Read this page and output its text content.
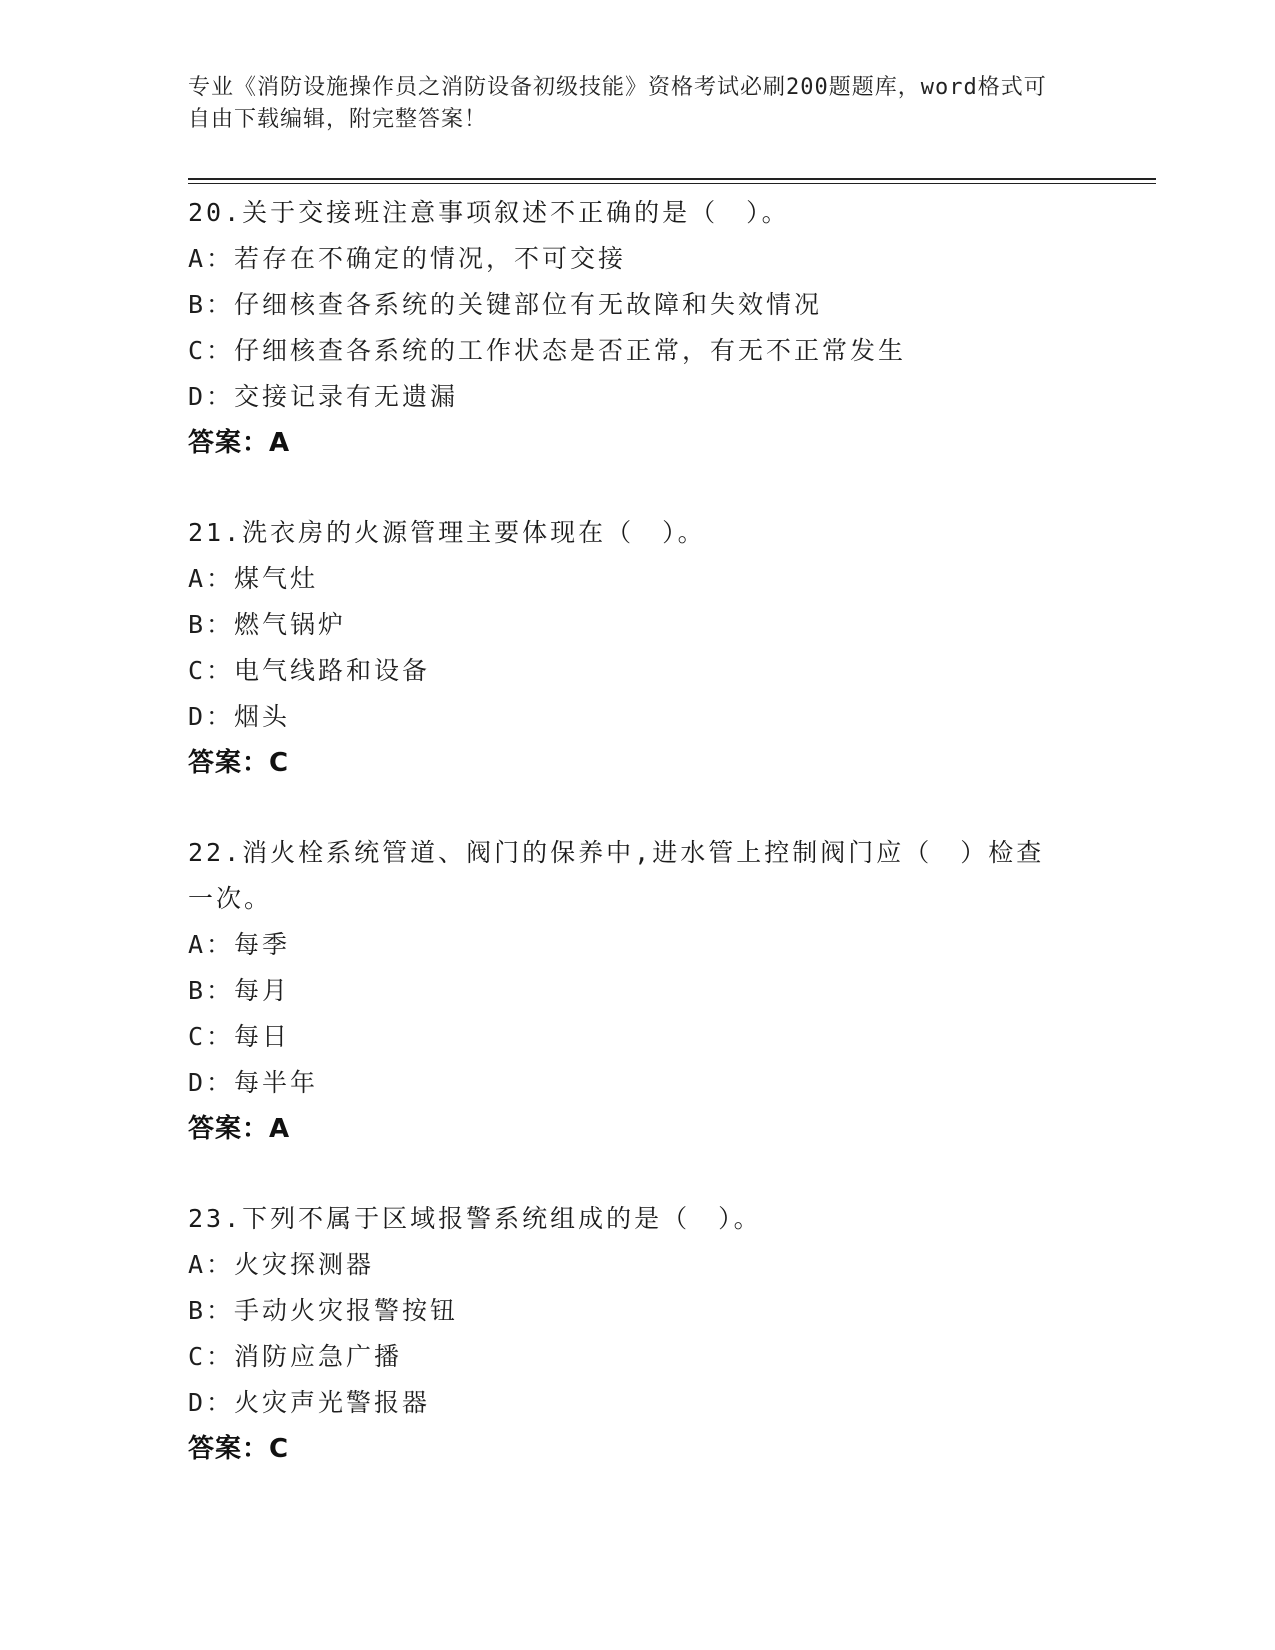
专业《消防设施操作员之消防设备初级技能》资格考试必刷200题题库，word格式可自由下载编辑，附完整答案！
20.关于交接班注意事项叙述不正确的是（　）。
A：若存在不确定的情况，不可交接
B：仔细核查各系统的关键部位有无故障和失效情况
C：仔细核查各系统的工作状态是否正常，有无不正常发生
D：交接记录有无遗漏
答案：A
21.洗衣房的火源管理主要体现在（　）。
A：煤气灶
B：燃气锅炉
C：电气线路和设备
D：烟头
答案：C
22.消火栓系统管道、阀门的保养中,进水管上控制阀门应（　）检查一次。
A：每季
B：每月
C：每日
D：每半年
答案：A
23.下列不属于区域报警系统组成的是（　）。
A：火灾探测器
B：手动火灾报警按钮
C：消防应急广播
D：火灾声光警报器
答案：C
